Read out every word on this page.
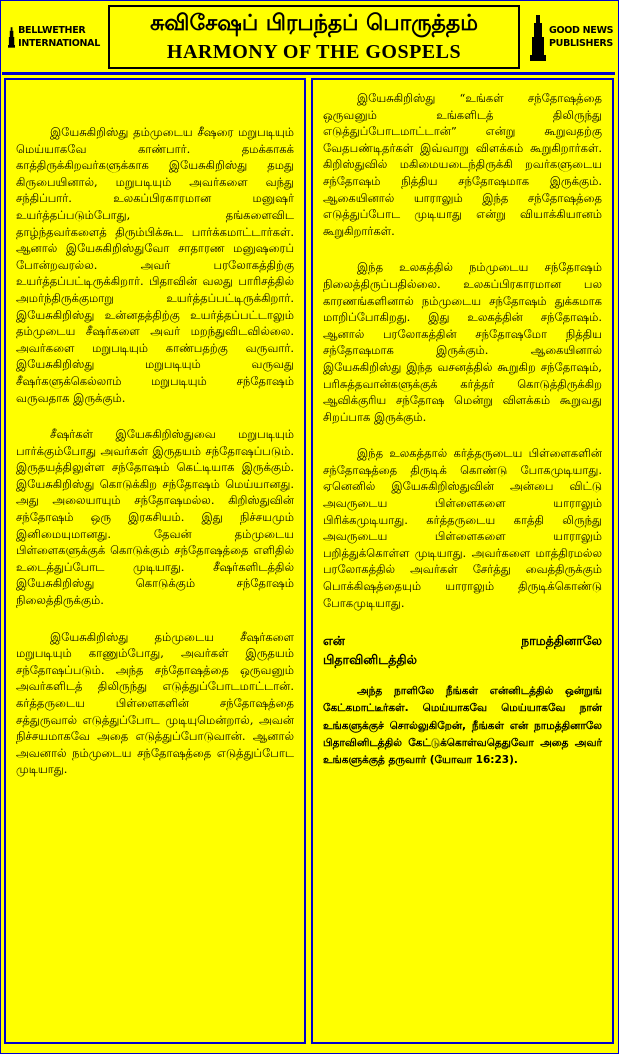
BELLWETHER
INTERNATIONAL
சுவிசேஷப் பிரபந்தப் பொருத்தம்
HARMONY OF THE GOSPELS
GOOD NEWS
PUBLISHERS

இயேசுகிறிஸ்து தம்முடைய சீஷரை மறுபடியும் மெய்யாகவே காண்பார். தமக்காகக் காத்திருக்கிறவர்களுக்காக இயேசுகிறிஸ்து தமது கிருபையினால், மறுபடியும் அவர்களை வந்து சந்திப்பார். உலகப்பிரகாரமான மனுஷர் உயர்த்தப்படும்போது, தங்களைவிட தாழ்ந்தவர்களைத் திரும்பிக்கூட பார்க்கமாட்டார்கள். ஆனால் இயேசுகிறிஸ்துவோ சாதாரண மனுஷரைப் போன்றவரல்ல. அவர் பரலோகத்திற்கு உயர்த்தப்பட்டிருக்கிறார். பிதாவின் வலது பாரிசத்தில் அமர்ந்திருக்குமாறு உயர்த்தப்பட்டிருக்கிறார். இயேசுகிறிஸ்து உன்னதத்திற்கு உயர்த்தப்பட்டாலும் தம்முடைய சீஷர்களை அவர் மறந்துவிடவில்லை. அவர்களை மறுபடியும் காண்பதற்கு வருவார். இயேசுகிறிஸ்து மறுபடியும் வருவது சீஷர்களுக்கெல்லாம் மறுபடியும் சந்தோஷம் வருவதாக இருக்கும்.

சீஷர்கள் இயேசுகிறிஸ்துவை மறுபடியும் பார்க்கும்போது அவர்கள் இருதயம் சந்தோஷப்படும். இருதயத்திலுள்ள சந்தோஷம் கெட்டியாக இருக்கும். இயேசுகிறிஸ்து கொடுக்கிற சந்தோஷம் மெய்யானது. அது அலையாயும் சந்தோஷமல்ல. கிறிஸ்துவின் சந்தோஷம் ஒரு இரகசியம். இது நிச்சயமும் இனிமையுமானது. தேவன் தம்முடைய பிள்ளைகளுக்குக் கொடுக்கும் சந்தோஷத்தை எளிதில் உடைத்துப்போட முடியாது. சீஷர்களிடத்தில் இயேசுகிறிஸ்து கொடுக்கும் சந்தோஷம் நிலைத்திருக்கும்.

இயேசுகிறிஸ்து தம்முடைய சீஷர்களை மறுபடியும் காணும்போது, அவர்கள் இருதயம் சந்தோஷப்படும். அந்த சந்தோஷத்தை ஒருவனும் அவர்களிடத் திலிருந்து எடுத்துப்போடமாட்டான். கர்த்தருடைய பிள்ளைகளின் சந்தோஷத்தை சத்துருவால் எடுத்துப்போட முடியுமென்றால், அவன் நிச்சயமாகவே அதை எடுத்துப்போடுவான். ஆனால் அவனால் நம்முடைய சந்தோஷத்தை எடுத்துப்போட முடியாது.

இயேசுகிறிஸ்து “உங்கள் சந்தோஷத்தை ஒருவனும் உங்களிடத் திலிருந்து எடுத்துப்போடமாட்டான்” என்று கூறுவதற்கு வேதபண்டிதர்கள் இவ்வாறு விளக்கம் கூறுகிறார்கள். கிறிஸ்துவில் மகிமையடைந்திருக்கி றவர்களுடைய சந்தோஷம் நித்திய சந்தோஷமாக இருக்கும். ஆகையினால் யாராலும் இந்த சந்தோஷத்தை எடுத்துப்போட முடியாது என்று வியாக்கியானம் கூறுகிறார்கள்.

இந்த உலகத்தில் நம்முடைய சந்தோஷம் நிலைத்திருப்பதில்லை. உலகப்பிரகாரமான பல காரணங்களினால் நம்முடைய சந்தோஷம் துக்கமாக மாறிப்போகிறது. இது உலகத்தின் சந்தோஷம். ஆனால் பரலோகத்தின் சந்தோஷமோ நித்திய சந்தோஷமாக இருக்கும். ஆகையினால் இயேசுகிறிஸ்து இந்த வசனத்தில் கூறுகிற சந்தோஷம், பரிசுத்தவான்களுக்குக் கர்த்தர் கொடுத்திருக்கிற ஆவிக்குரிய சந்தோஷ மென்று விளக்கம் கூறுவது சிறப்பாக இருக்கும்.

இந்த உலகத்தால் கர்த்தருடைய பிள்ளைகளின் சந்தோஷத்தை திருடிக் கொண்டு போகமுடியாது. ஏனெனில் இயேசுகிறிஸ்துவின் அன்பை விட்டு அவருடைய பிள்ளைகளை யாராலும் பிரிக்கமுடியாது. கர்த்தருடைய காத்தி லிருந்து அவருடைய பிள்ளைகளை யாராலும் பறித்துக்கொள்ள முடியாது. அவர்களை மாத்திரமல்ல பரலோகத்தில் அவர்கள் சேர்த்து வைத்திருக்கும் பொக்கிஷத்தையும் யாராலும் திருடிக்கொண்டு போகமுடியாது.

என்	நாமத்தினாலே
பிதாவினிடத்தில்

அந்த நாளிலே நீங்கள் என்னிடத்தில் ஒன்றுங் கேட்கமாட்டீர்கள். மெய்யாகவே மெய்யாகவே நான் உங்களுக்குச் சொல்லுகிறேன், நீங்கள் என் நாமத்தினாலே பிதாவினிடத்தில் கேட்டுக்கொள்வதெதுவோ அதை அவர் உங்களுக்குத் தருவார் (யோவா 16:23).
